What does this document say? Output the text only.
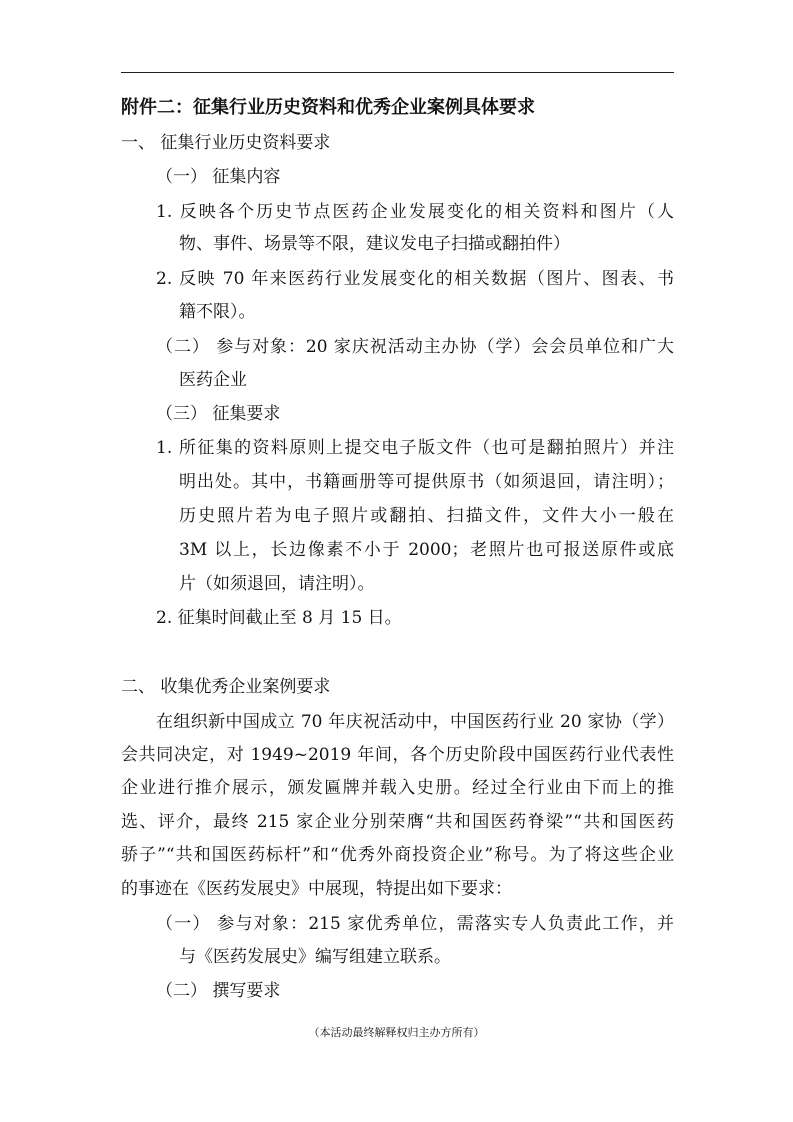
附件二：征集行业历史资料和优秀企业案例具体要求
一、 征集行业历史资料要求
（一） 征集内容
1. 反映各个历史节点医药企业发展变化的相关资料和图片（人
物、事件、场景等不限，建议发电子扫描或翻拍件）
2. 反映 70 年来医药行业发展变化的相关数据（图片、图表、书
籍不限）。
（二） 参与对象：20 家庆祝活动主办协（学）会会员单位和广大
医药企业
（三） 征集要求
1. 所征集的资料原则上提交电子版文件（也可是翻拍照片）并注
明出处。其中，书籍画册等可提供原书（如须退回，请注明）；
历史照片若为电子照片或翻拍、扫描文件，文件大小一般在
3M 以上，长边像素不小于 2000；老照片也可报送原件或底
片（如须退回，请注明）。
2. 征集时间截止至 8 月 15 日。
二、 收集优秀企业案例要求
在组织新中国成立 70 年庆祝活动中，中国医药行业 20 家协（学）
会共同决定，对 1949~2019 年间，各个历史阶段中国医药行业代表性
企业进行推介展示，颁发匾牌并载入史册。经过全行业由下而上的推
选、评介，最终 215 家企业分别荣膺“共和国医药脊梁”“共和国医药
骄子”“共和国医药标杆”和“优秀外商投资企业”称号。为了将这些企业
的事迹在《医药发展史》中展现，特提出如下要求：
（一） 参与对象：215 家优秀单位，需落实专人负责此工作，并
与《医药发展史》编写组建立联系。
（二） 撰写要求
（本活动最终解释权归主办方所有）
